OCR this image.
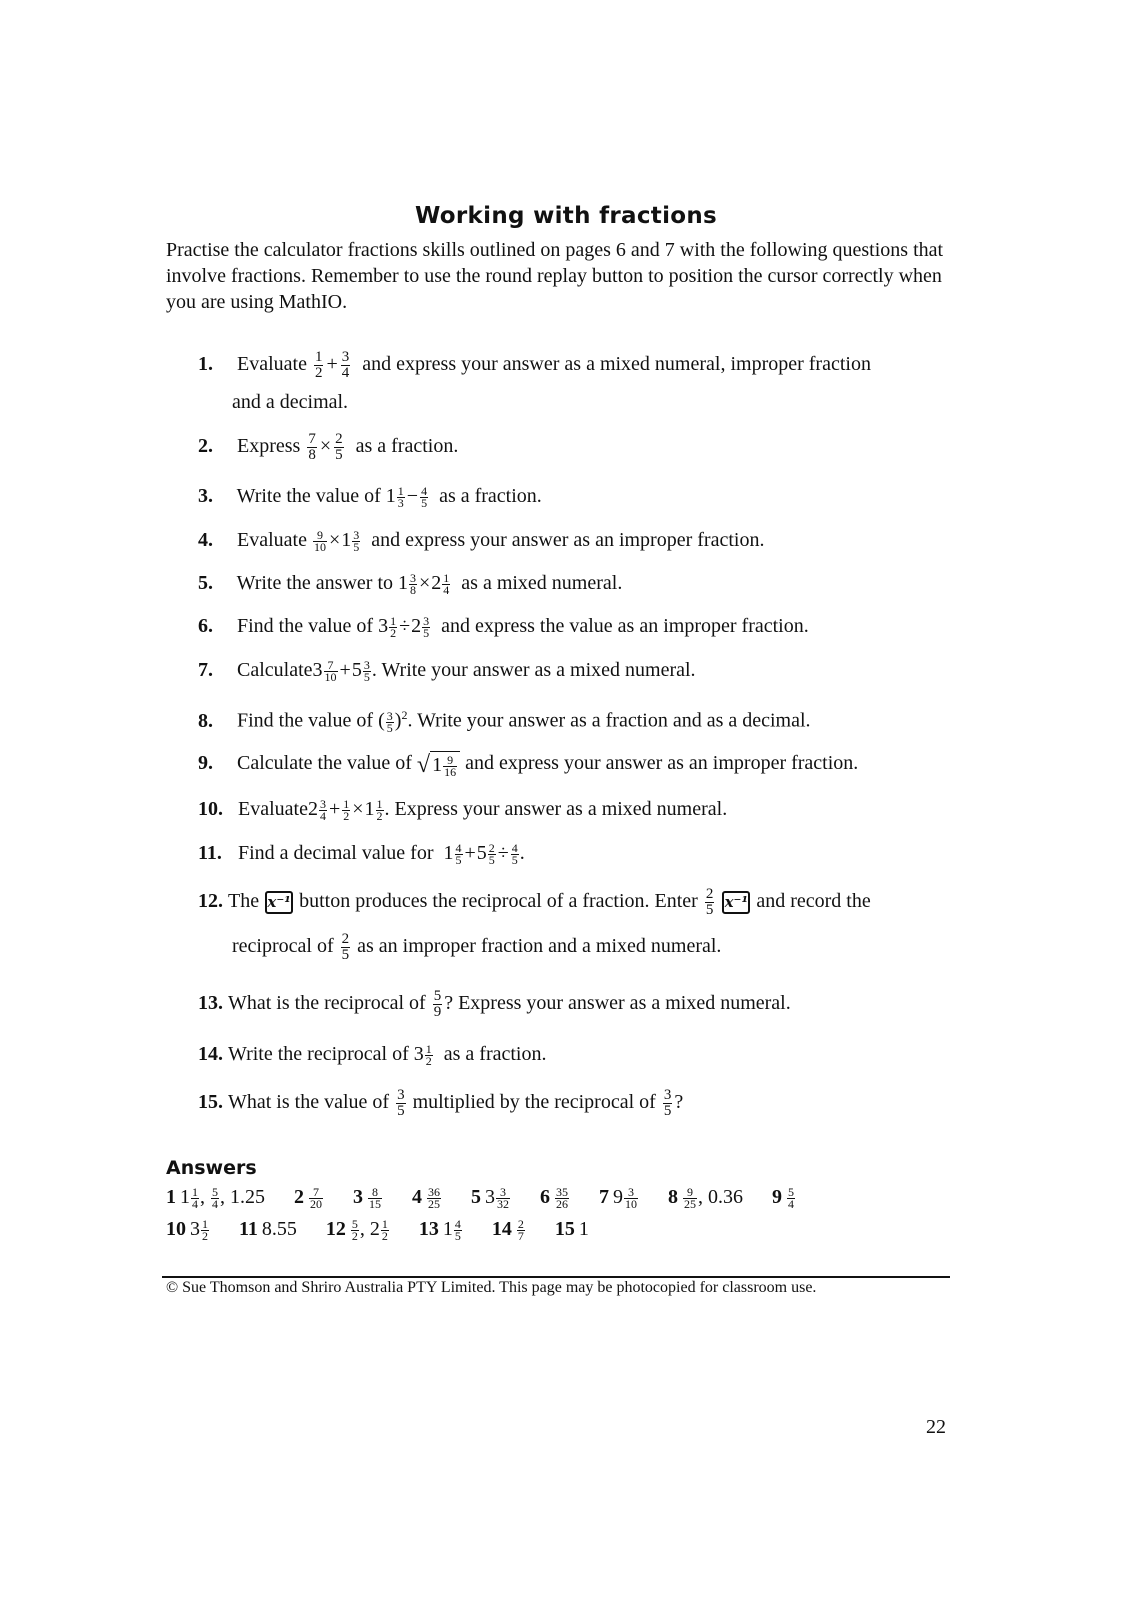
Working with fractions
Practise the calculator fractions skills outlined on pages 6 and 7 with the following questions that involve fractions. Remember to use the round replay button to position the cursor correctly when you are using MathIO.
1. Evaluate $\frac{1}{2} + \frac{3}{4}$ and express your answer as a mixed numeral, improper fraction
and a decimal.
2. Express $\frac{7}{8} \times \frac{2}{5}$ as a fraction.
3. Write the value of $1 \frac{1}{3} - \frac{4}{5}$ as a fraction.
4. Evaluate $\frac{9}{10} \times 1 \frac{3}{5}$ and express your answer as an improper fraction.
5. Write the answer to $1 \frac{3}{8} \times 2 \frac{1}{4}$ as a mixed numeral.
6. Find the value of $3 \frac{1}{2} \div 2 \frac{3}{5}$ and express the value as an improper fraction.
7. Calculate3 $\frac{7}{10} +5 \frac{3}{5}$ . Write your answer as a mixed numeral.
8. Find the value of ( $\frac{3}{5} )^2$. Write your answer as a fraction and as a decimal.
9. Calculate the value of √ $1 \frac{9}{16}$ and express your answer as an improper fraction.
10. Evaluate2 $\frac{3}{4} + \frac{1}{2} \times 1 \frac{1}{2}$ . Express your answer as a mixed numeral.
11. Find a decimal value for $1 \frac{4}{5} +5 \frac{2}{5} \div \frac{4}{5}$ .
12. The x⁻¹ button produces the reciprocal of a fraction. Enter $\frac{2}{5} x^{-1}$ and record the
reciprocal of $\frac{2}{5}$ as an improper fraction and a mixed numeral.
13. What is the reciprocal of $\frac{5}{9}$ ? Express your answer as a mixed numeral.
14. Write the reciprocal of $3 \frac{1}{2}$ as a fraction.
15. What is the value of $\frac{3}{5}$ multiplied by the reciprocal of $\frac{3}{5}$ ?
Answers
1 $1 \frac{1}{4}$ , $\frac{5}{4}$ , 1.25 $2 \frac{7}{20} 3 \frac{8}{15} 4 \frac{36}{25} 5$ $3 \frac{3}{32} 6 \frac{35}{26} 7$ $9 \frac{3}{10} 8 \frac{9}{25}$ , 0.36 $9 \frac{5}{4}$
10 $3 \frac{1}{2} 11$ 8.55 $12 \frac{5}{2}$ , $2 \frac{1}{2} 13$ $1 \frac{4}{5} 14 \frac{2}{7} 15$ 1
© Sue Thomson and Shriro Australia PTY Limited. This page may be photocopied for classroom use.
22
